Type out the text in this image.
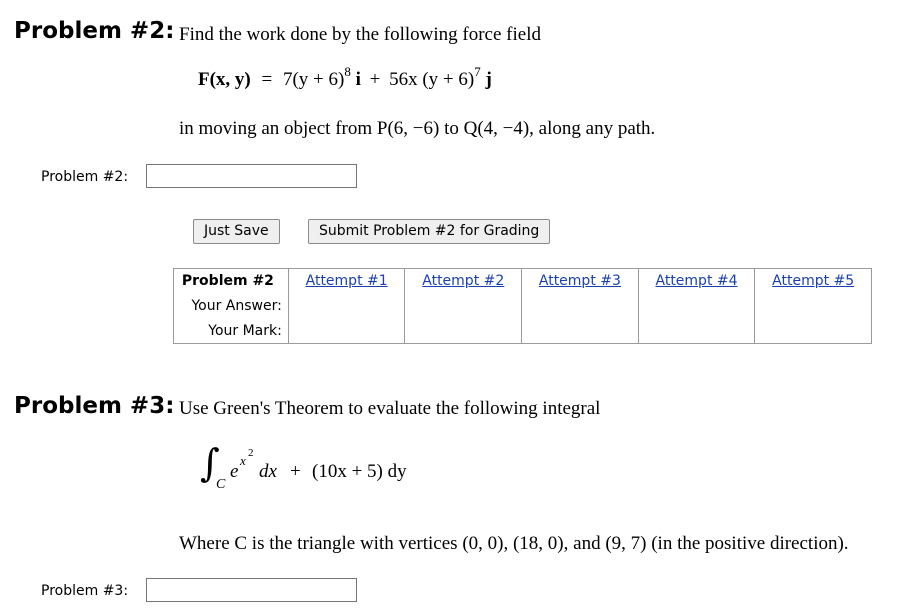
Problem #2: Find the work done by the following force field
F(x, $y) = 7(y + 6)^8$ i + 56x $(y + 6)^7$ j
in moving an object from P(6, −6) to Q(4, −4), along any path.
Problem #2:
Just Save	Submit Problem #2 for Grading
Problem #2	Attempt #1	Attempt #2	Attempt #3	Attempt #4	Attempt #5
Your Answer:					
Your Mark:					
Problem #3: Use Green's Theorem to evaluate the following integral
∫
C
e
x 2
dx + (10x + 5) dy
Where C is the triangle with vertices (0, 0), (18, 0), and (9, 7) (in the positive direction).
Problem #3:
